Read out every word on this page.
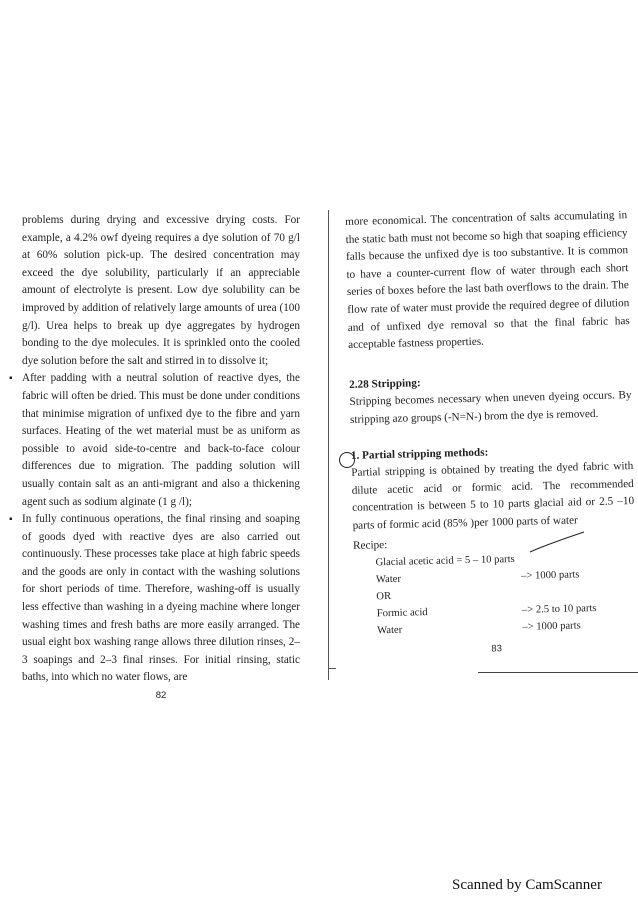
problems during drying and excessive drying costs. For example, a 4.2% owf dyeing requires a dye solution of 70 g/l at 60% solution pick-up. The desired concentration may exceed the dye solubility, particularly if an appreciable amount of electrolyte is present. Low dye solubility can be improved by addition of relatively large amounts of urea (100 g/l). Urea helps to break up dye aggregates by hydrogen bonding to the dye molecules. It is sprinkled onto the cooled dye solution before the salt and stirred in to dissolve it;

▪ After padding with a neutral solution of reactive dyes, the fabric will often be dried. This must be done under conditions that minimise migration of unfixed dye to the fibre and yarn surfaces. Heating of the wet material must be as uniform as possible to avoid side-to-centre and back-to-face colour differences due to migration. The padding solution will usually contain salt as an anti-migrant and also a thickening agent such as sodium alginate (1 g /l);
▪ In fully continuous operations, the final rinsing and soaping of goods dyed with reactive dyes are also carried out continuously. These processes take place at high fabric speeds and the goods are only in contact with the washing solutions for short periods of time. Therefore, washing-off is usually less effective than washing in a dyeing machine where longer washing times and fresh baths are more easily arranged. The usual eight box washing range allows three dilution rinses, 2–3 soapings and 2–3 final rinses. For initial rinsing, static baths, into which no water flows, are
82

more economical. The concentration of salts accumulating in the static bath must not become so high that soaping efficiency falls because the unfixed dye is too substantive. It is common to have a counter-current flow of water through each short series of boxes before the last bath overflows to the drain. The flow rate of water must provide the required degree of dilution and of unfixed dye removal so that the final fabric has acceptable fastness properties.

2.28 Stripping:

Stripping becomes necessary when uneven dyeing occurs. By stripping azo groups (-N=N-) brom the dye is removed.

1. Partial stripping methods:

Partial stripping is obtained by treating the dyed fabric with dilute acetic acid or formic acid. The recommended concentration is between 5 to 10 parts glacial aid or 2.5 –10 parts of formic acid (85% )per 1000 parts of water

Recipe:

Glacial acetic acid = 5 – 10 parts	
Water	–> 1000 parts
OR	
Formic acid	–> 2.5 to 10 parts
Water	–> 1000 parts
83
Scanned by CamScanner
